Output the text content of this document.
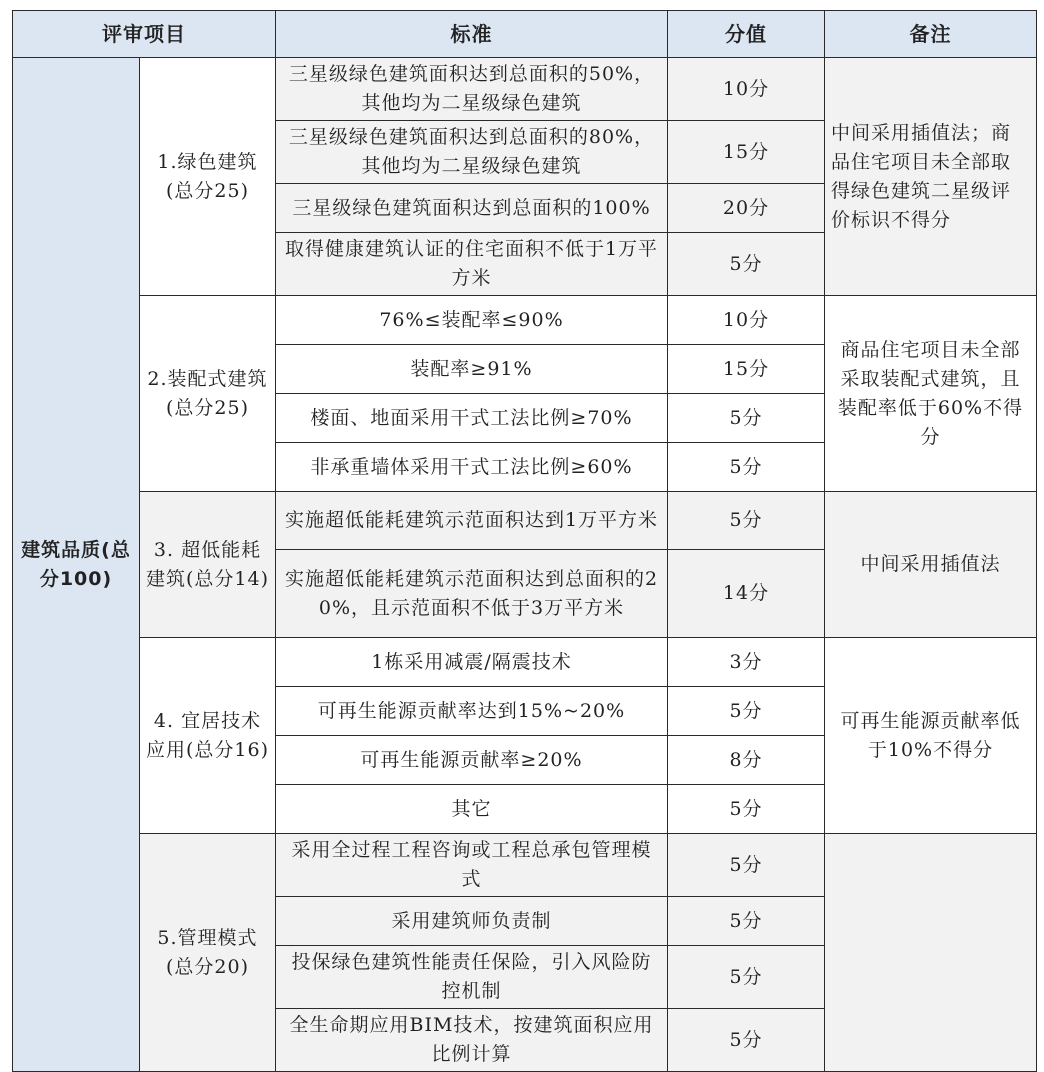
评审项目		标准	分值	备注
建筑品质(总分100)	1.绿色建筑(总分25)	三星级绿色建筑面积达到总面积的50%，其他均为二星级绿色建筑	10分	中间采用插值法；商品住宅项目未全部取得绿色建筑二星级评价标识不得分
		三星级绿色建筑面积达到总面积的80%，其他均为二星级绿色建筑	15分	
		三星级绿色建筑面积达到总面积的100%	20分	
		取得健康建筑认证的住宅面积不低于1万平方米	5分	
	2.装配式建筑(总分25)	76%≤装配率≤90%	10分	商品住宅项目未全部采取装配式建筑，且装配率低于60%不得分
		装配率≥91%	15分	
		楼面、地面采用干式工法比例≥70%	5分	
		非承重墙体采用干式工法比例≥60%	5分	
	3. 超低能耗建筑(总分14)	实施超低能耗建筑示范面积达到1万平方米	5分	中间采用插值法
		实施超低能耗建筑示范面积达到总面积的20%，且示范面积不低于3万平方米	14分	
	4. 宜居技术应用(总分16)	1栋采用减震/隔震技术	3分	可再生能源贡献率低于10%不得分
		可再生能源贡献率达到15%~20%	5分	
		可再生能源贡献率≥20%	8分	
		其它	5分	
	5.管理模式(总分20)	采用全过程工程咨询或工程总承包管理模式	5分	
		采用建筑师负责制	5分	
		投保绿色建筑性能责任保险，引入风险防控机制	5分	
		全生命期应用BIM技术，按建筑面积应用比例计算	5分	
